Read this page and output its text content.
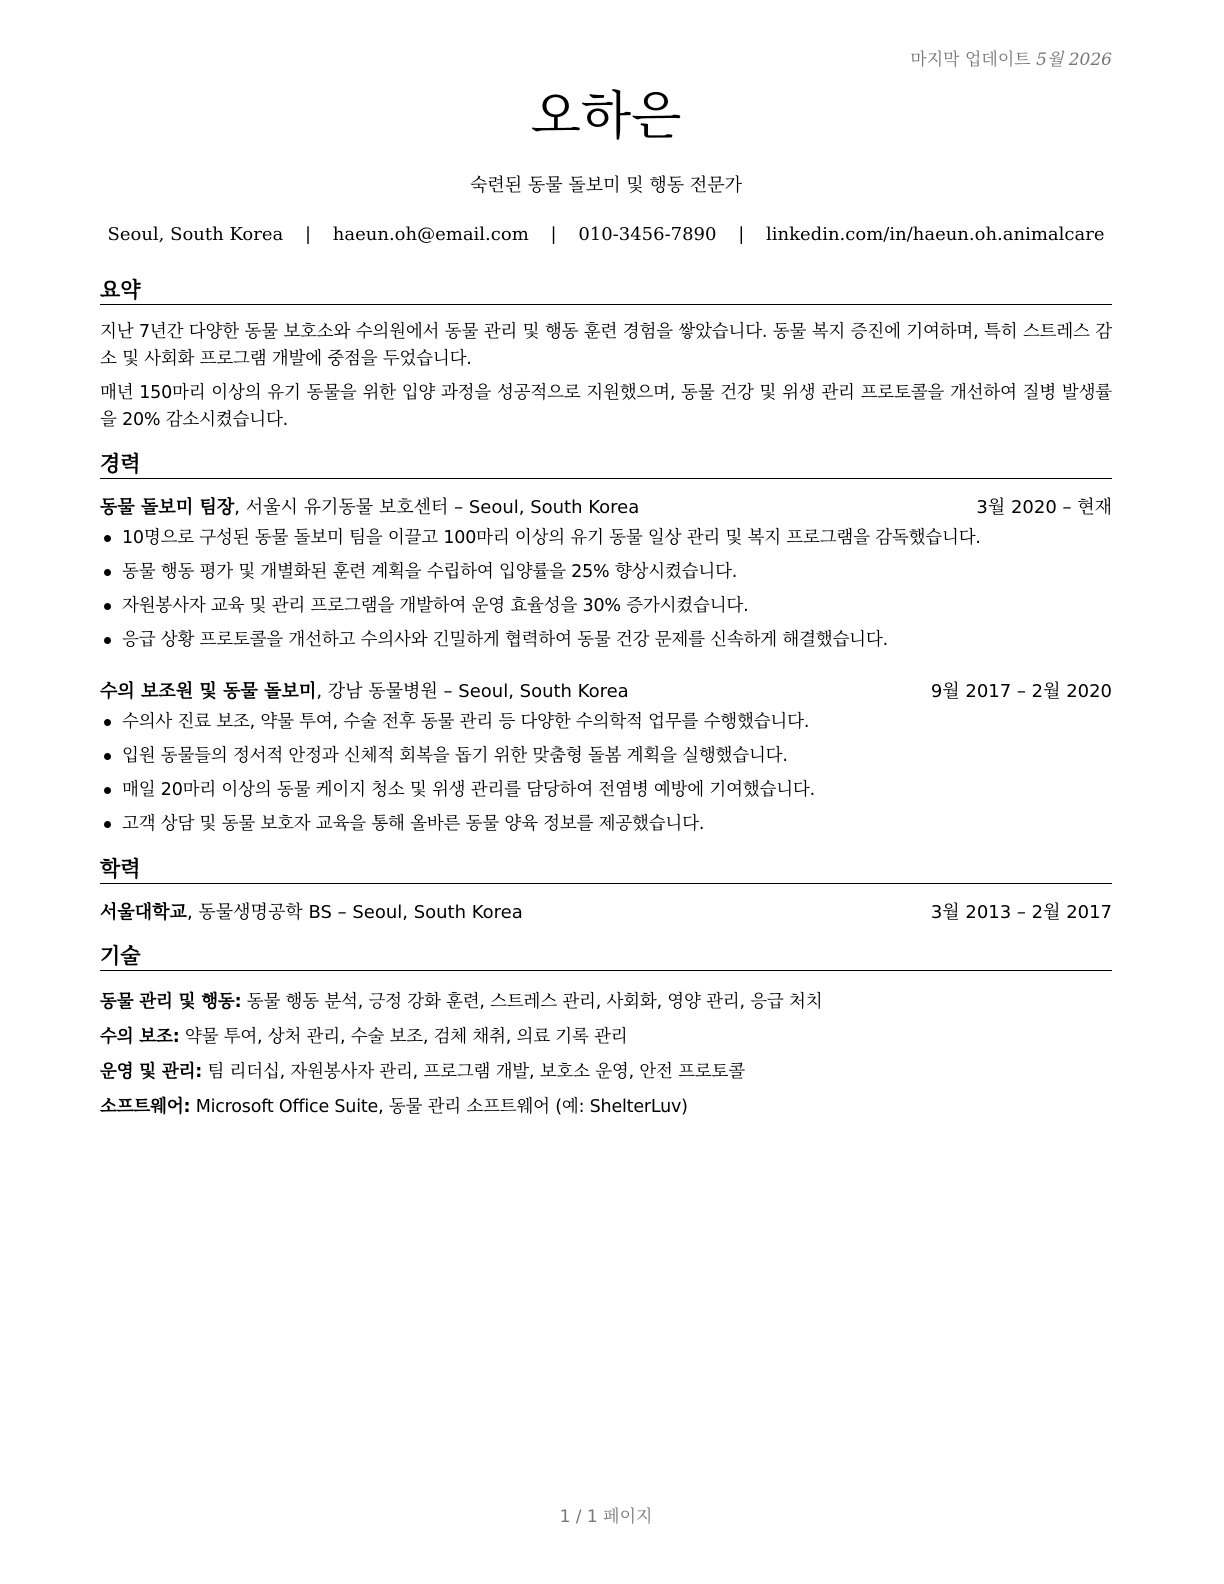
마지막 업데이트 5월 2026
오하은
숙련된 동물 돌보미 및 행동 전문가
Seoul, South Korea | haeun.oh@email.com | 010-3456-7890 | linkedin.com/in/haeun.oh.animalcare
요약
지난 7년간 다양한 동물 보호소와 수의원에서 동물 관리 및 행동 훈련 경험을 쌓았습니다. 동물 복지 증진에 기여하며, 특히 스트레스 감소 및 사회화 프로그램 개발에 중점을 두었습니다.
매년 150마리 이상의 유기 동물을 위한 입양 과정을 성공적으로 지원했으며, 동물 건강 및 위생 관리 프로토콜을 개선하여 질병 발생률을 20% 감소시켰습니다.
경력
동물 돌보미 팀장, 서울시 유기동물 보호센터 – Seoul, South Korea	3월 2020 – 현재
10명으로 구성된 동물 돌보미 팀을 이끌고 100마리 이상의 유기 동물 일상 관리 및 복지 프로그램을 감독했습니다.
동물 행동 평가 및 개별화된 훈련 계획을 수립하여 입양률을 25% 향상시켰습니다.
자원봉사자 교육 및 관리 프로그램을 개발하여 운영 효율성을 30% 증가시켰습니다.
응급 상황 프로토콜을 개선하고 수의사와 긴밀하게 협력하여 동물 건강 문제를 신속하게 해결했습니다.
수의 보조원 및 동물 돌보미, 강남 동물병원 – Seoul, South Korea	9월 2017 – 2월 2020
수의사 진료 보조, 약물 투여, 수술 전후 동물 관리 등 다양한 수의학적 업무를 수행했습니다.
입원 동물들의 정서적 안정과 신체적 회복을 돕기 위한 맞춤형 돌봄 계획을 실행했습니다.
매일 20마리 이상의 동물 케이지 청소 및 위생 관리를 담당하여 전염병 예방에 기여했습니다.
고객 상담 및 동물 보호자 교육을 통해 올바른 동물 양육 정보를 제공했습니다.
학력
서울대학교, 동물생명공학 BS – Seoul, South Korea	3월 2013 – 2월 2017
기술
동물 관리 및 행동: 동물 행동 분석, 긍정 강화 훈련, 스트레스 관리, 사회화, 영양 관리, 응급 처치
수의 보조: 약물 투여, 상처 관리, 수술 보조, 검체 채취, 의료 기록 관리
운영 및 관리: 팀 리더십, 자원봉사자 관리, 프로그램 개발, 보호소 운영, 안전 프로토콜
소프트웨어: Microsoft Office Suite, 동물 관리 소프트웨어 (예: ShelterLuv)
1 / 1 페이지
